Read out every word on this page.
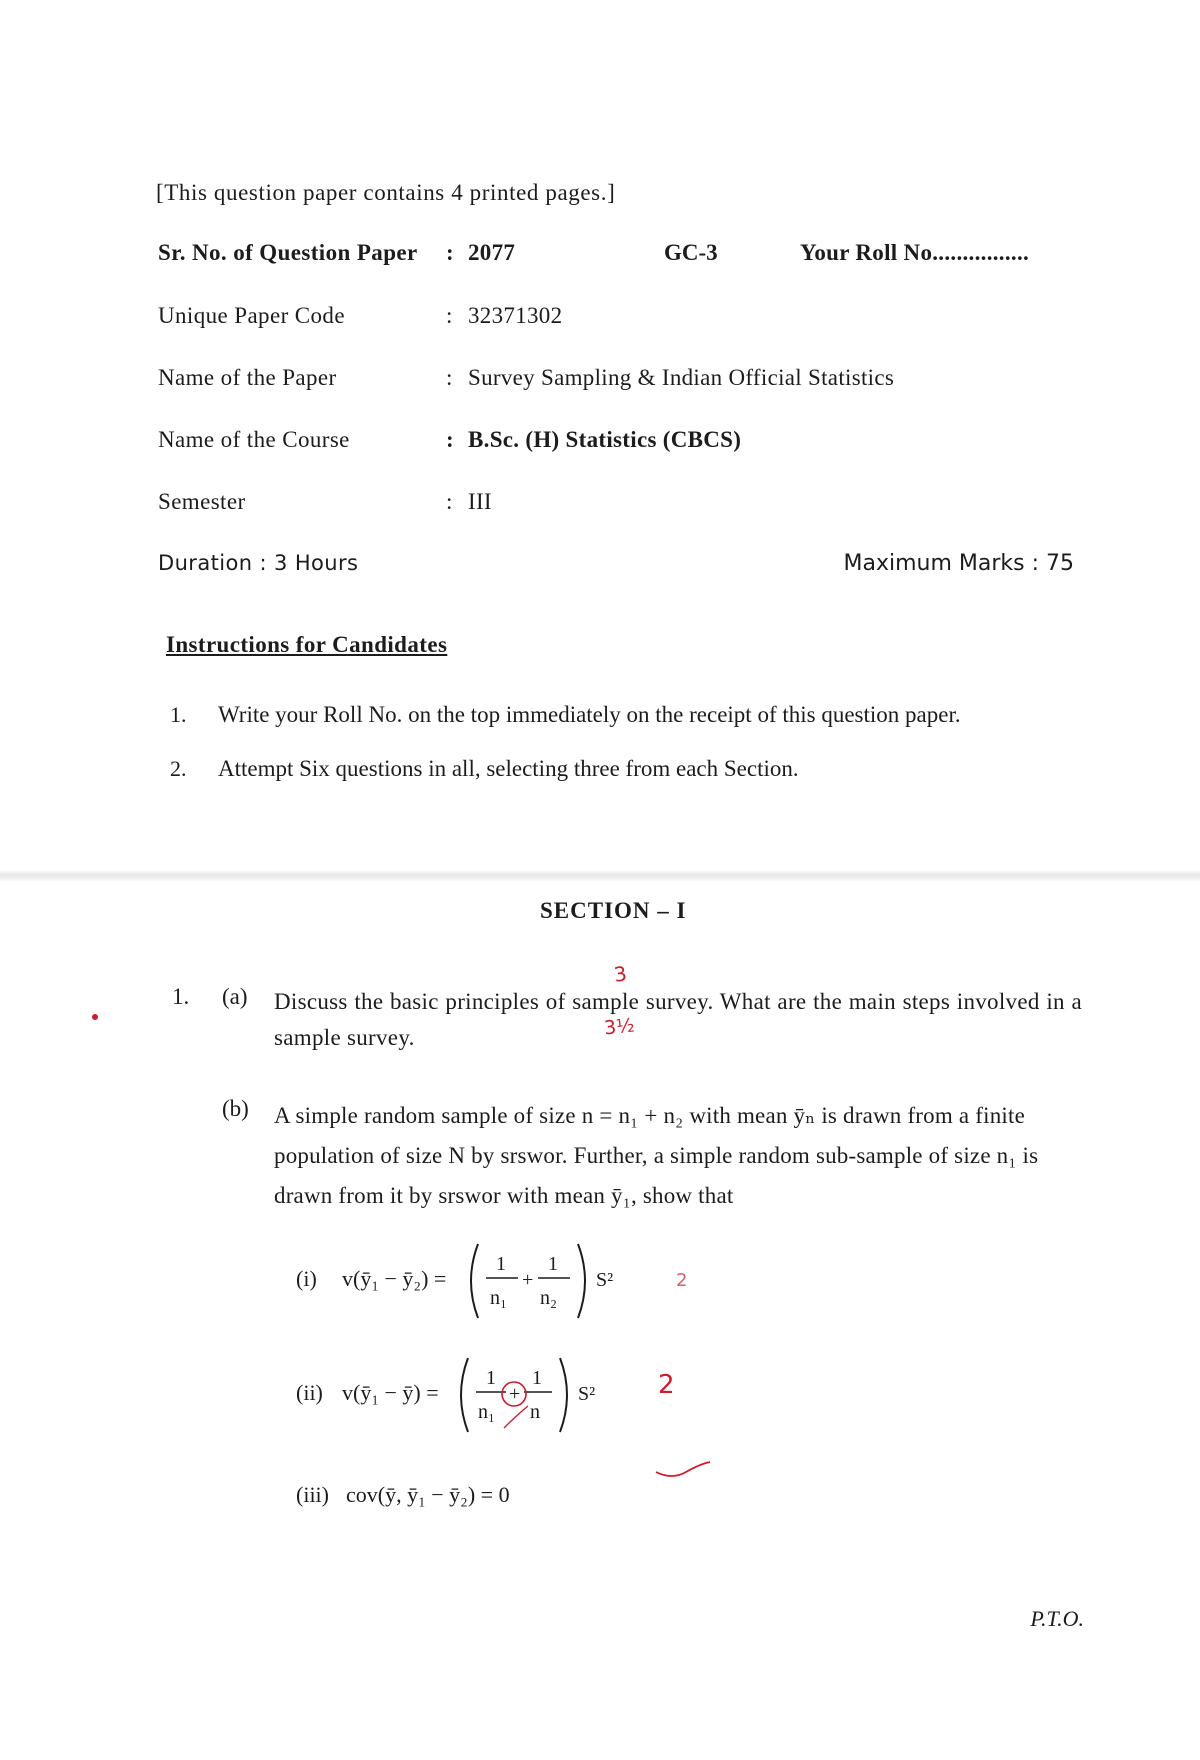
[This question paper contains 4 printed pages.]
Sr. No. of Question Paper : 2077	GC-3	Your Roll No................
Unique Paper Code	: 32371302
Name of the Paper	: Survey Sampling & Indian Official Statistics
Name of the Course	: B.Sc. (H) Statistics (CBCS)
Semester	: III
Duration : 3 Hours	Maximum Marks : 75
Instructions for Candidates
1. Write your Roll No. on the top immediately on the receipt of this question paper.
2. Attempt Six questions in all, selecting three from each Section.
SECTION – I
1. (a) Discuss the basic principles of sample survey. What are the main steps involved in a sample survey.
(b) A simple random sample of size n = n₁ + n₂ with mean ȳₙ is drawn from a finite population of size N by srswor. Further, a simple random sub-sample of size n₁ is drawn from it by srswor with mean ȳ₁, show that
(i) v(ȳ₁ − ȳ₂) =
1
n₁
+
1
n₂
S²
(ii) v(ȳ₁ − ȳ) =
1
n₁
+
1
n
S²
(iii) cov(ȳ, ȳ₁ − ȳ₂) = 0
3
3½
2
2
P.T.O.
